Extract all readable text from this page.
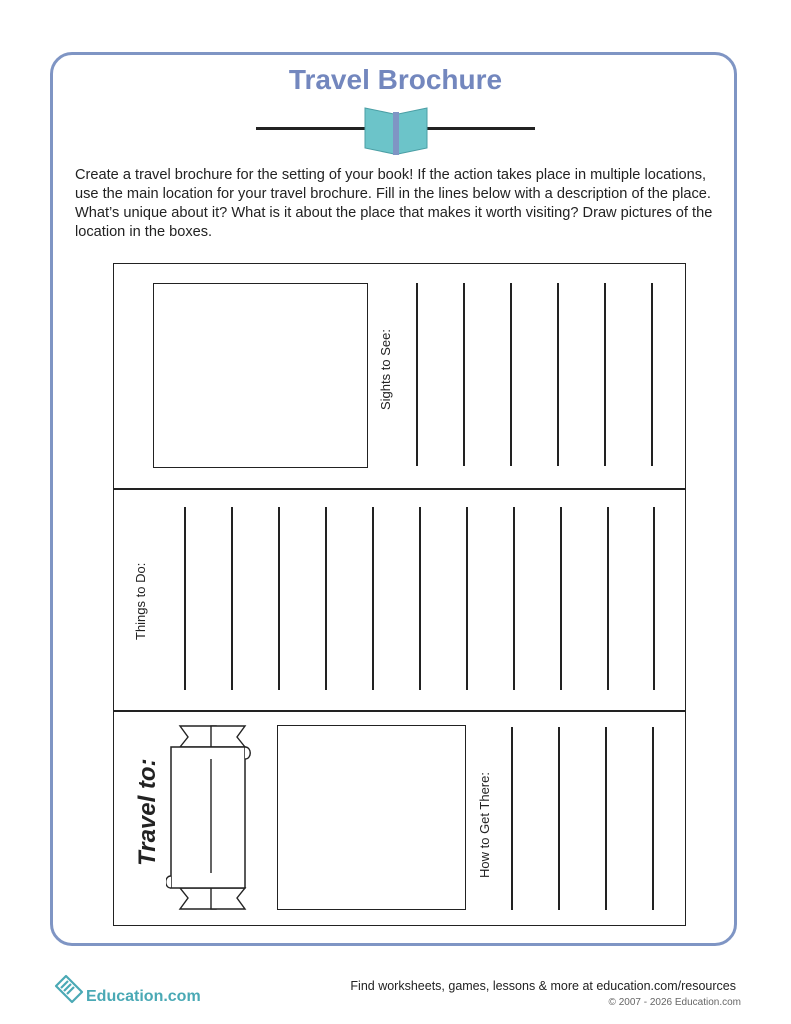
Travel Brochure

Create a travel brochure for the setting of your book! If the action takes place in multiple locations, use the main location for your travel brochure. Fill in the lines below with a description of the place. What’s unique about it? What is it about the place that makes it worth visiting? Draw pictures of the location in the boxes.

Sights to See:
Things to Do:
Travel to:	How to Get There:
Education.com
Find worksheets, games, lessons & more at education.com/resources
© 2007 - 2026 Education.com
